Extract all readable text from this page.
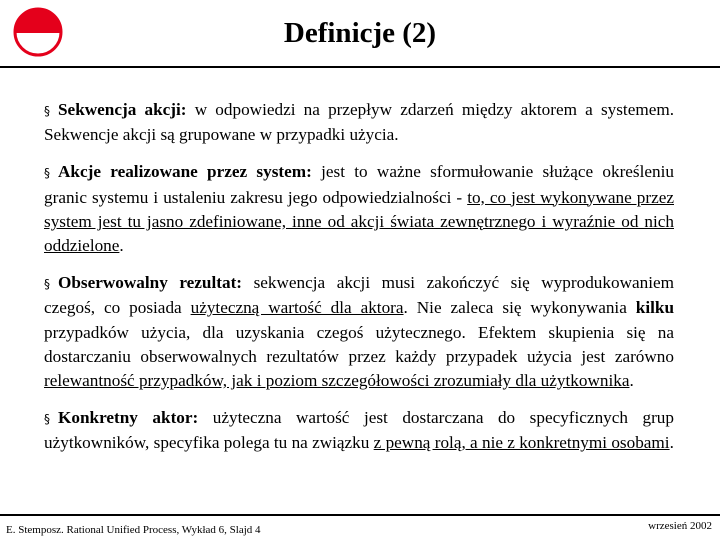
Definicje (2)

§ Sekwencja akcji: w odpowiedzi na przepływ zdarzeń między aktorem a systemem. Sekwencje akcji są grupowane w przypadki użycia.

§ Akcje realizowane przez system: jest to ważne sformułowanie służące określeniu granic systemu i ustaleniu zakresu jego odpowiedzialności - to, co jest wykonywane przez system jest tu jasno zdefiniowane, inne od akcji świata zewnętrznego i wyraźnie od nich oddzielone.

§ Obserwowalny rezultat: sekwencja akcji musi zakończyć się wyprodukowaniem czegoś, co posiada użyteczną wartość dla aktora. Nie zaleca się wykonywania kilku przypadków użycia, dla uzyskania czegoś użytecznego. Efektem skupienia się na dostarczaniu obserwowalnych rezultatów przez każdy przypadek użycia jest zarówno relewantność przypadków, jak i poziom szczegółowości zrozumiały dla użytkownika.

§ Konkretny aktor: użyteczna wartość jest dostarczana do specyficznych grup użytkowników, specyfika polega tu na związku z pewną rolą, a nie z konkretnymi osobami.

E. Stemposz. Rational Unified Process, Wykład 6, Slajd 4	wrzesień 2002
